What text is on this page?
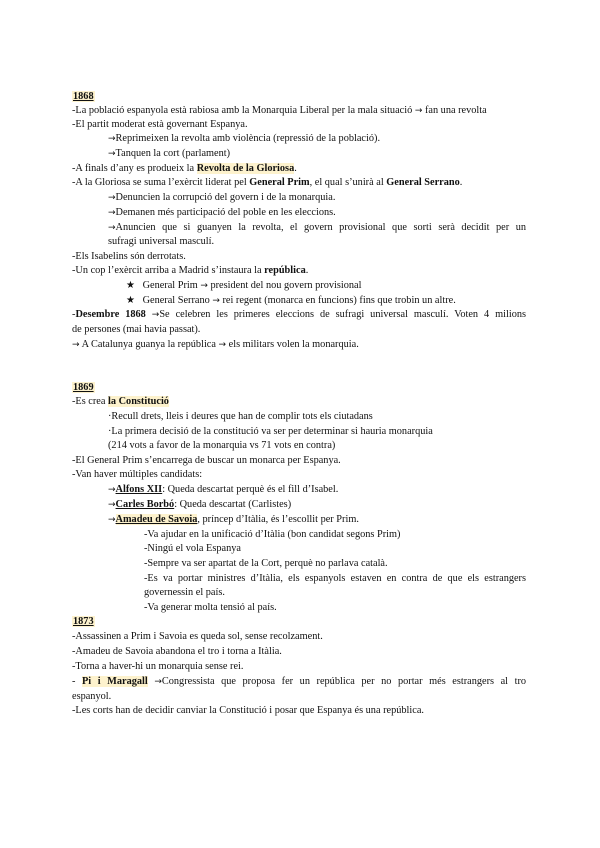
1868
-La població espanyola està rabiosa amb la Monarquia Liberal per la mala situació → fan una revolta
-El partit moderat està governant Espanya.
→Reprimeixen la revolta amb violència (repressió de la població).
→Tanquen la cort (parlament)
-A finals d’any es produeix la Revolta de la Gloriosa.
-A la Gloriosa se suma l’exèrcit liderat pel General Prim, el qual s’unirà al General Serrano.
→Denuncien la corrupció del govern i de la monarquia.
→Demanen més participació del poble en les eleccions.
→Anuncien que si guanyen la revolta, el govern provisional que sorti serà decidit per un
sufragi universal masculí.
-Els Isabelins són derrotats.
-Un cop l’exèrcit arriba a Madrid s’instaura la república.
★ General Prim → president del nou govern provisional
★ General Serrano → rei regent (monarca en funcions) fins que trobin un altre.
-Desembre 1868 →Se celebren les primeres eleccions de sufragi universal masculí. Voten 4 milions
de persones (mai havia passat).
→ A Catalunya guanya la república → els militars volen la monarquia.
1869
-Es crea la Constitució
·Recull drets, lleis i deures que han de complir tots els ciutadans
·La primera decisió de la constitució va ser per determinar si hauria monarquia
(214 vots a favor de la monarquia vs 71 vots en contra)
-El General Prim s’encarrega de buscar un monarca per Espanya.
-Van haver múltiples candidats:
→Alfons XII: Queda descartat perquè és el fill d’Isabel.
→Carles Borbó: Queda descartat (Carlistes)
→Amadeu de Savoia, príncep d’Itàlia, és l’escollit per Prim.
-Va ajudar en la unificació d’Itàlia (bon candidat segons Prim)
-Ningú el vola Espanya
-Sempre va ser apartat de la Cort, perquè no parlava català.
-Es va portar ministres d’Itàlia, els espanyols estaven en contra de que els estrangers
governessin el país.
-Va generar molta tensió al país.
1873
-Assassinen a Prim i Savoia es queda sol, sense recolzament.
-Amadeu de Savoia abandona el tro i torna a Itàlia.
-Torna a haver-hi un monarquia sense rei.
- Pi i Maragall →Congressista que proposa fer un república per no portar més estrangers al tro
espanyol.
-Les corts han de decidir canviar la Constitució i posar que Espanya és una república.
